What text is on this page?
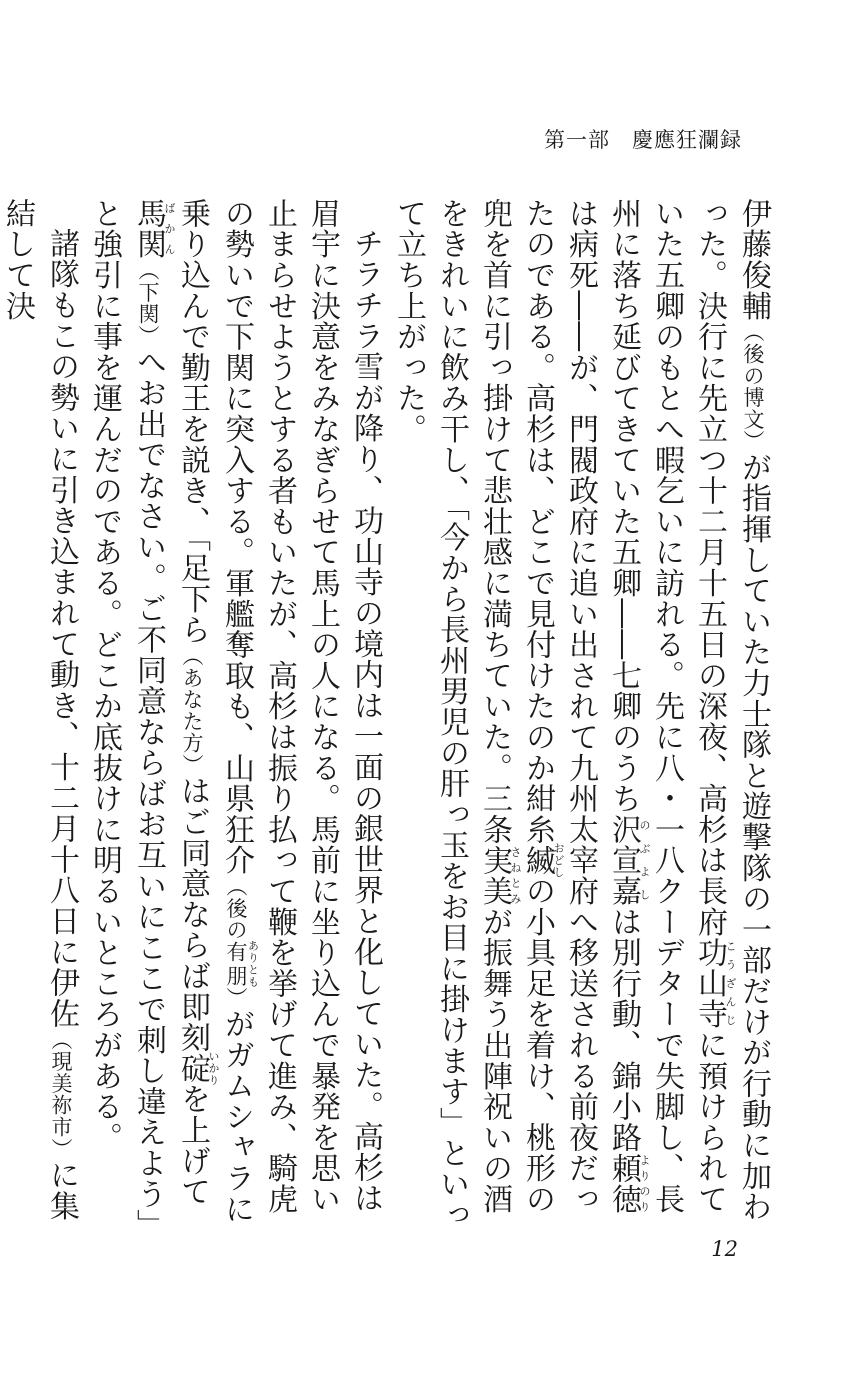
第一部　慶應狂瀾録

伊藤俊輔（後の博文）が指揮していた力士隊と遊撃隊の一部だけが行動に加わった。決行に先立つ十二月十五日の深夜、高杉は長府功山寺こうざんじに預けられていた五卿のもとへ暇乞いに訪れる。先に八・一八クーデターで失脚し、長州に落ち延びてきていた五卿――七卿のうち沢宣嘉のぶよしは別行動、錦小路頼徳よりのりは病死――が、門閥政府に追い出されて九州太宰府へ移送される前夜だったのである。高杉は、どこで見付けたのか紺糸縅おどしの小具足を着け、桃形の兜を首に引っ掛けて悲壮感に満ちていた。三条実美さねとみが振舞う出陣祝いの酒をきれいに飲み干し、「今から長州男児の肝っ玉をお目に掛けます」といって立ち上がった。

チラチラ雪が降り、功山寺の境内は一面の銀世界と化していた。高杉は眉宇に決意をみなぎらせて馬上の人になる。馬前に坐り込んで暴発を思い止まらせようとする者もいたが、高杉は振り払って鞭を挙げて進み、騎虎の勢いで下関に突入する。軍艦奪取も、山県狂介（後の有朋ありとも）がガムシャラに乗り込んで勤王を説き、「足下ら（あなた方）はご同意ならば即刻碇いかりを上げて馬関ばかん（下関）へお出でなさい。ご不同意ならばお互いにここで刺し違えよう」と強引に事を運んだのである。どこか底抜けに明るいところがある。

諸隊もこの勢いに引き込まれて動き、十二月十八日に伊佐（現美祢市）に集結して決

12
